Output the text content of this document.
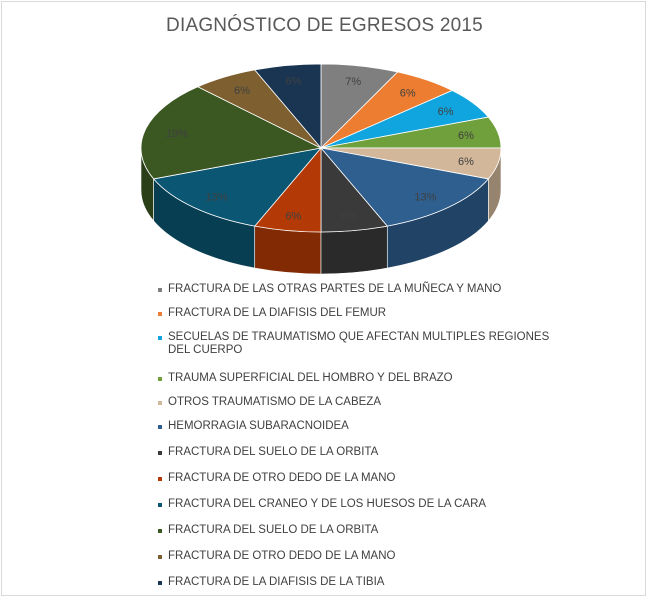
DIAGNÓSTICO DE EGRESOS 2015
7%
6%
6%
6%
6%
13%
6%
6%
13%
19%
6%
6%
FRACTURA DE LAS OTRAS PARTES DE LA MUÑECA Y MANO
FRACTURA DE LA DIAFISIS DEL FEMUR
SECUELAS DE TRAUMATISMO QUE AFECTAN MULTIPLES REGIONES DEL CUERPO
TRAUMA SUPERFICIAL DEL HOMBRO Y DEL BRAZO
OTROS TRAUMATISMO DE LA CABEZA
HEMORRAGIA SUBARACNOIDEA
FRACTURA DEL SUELO DE LA ORBITA
FRACTURA DE OTRO DEDO DE LA MANO
FRACTURA DEL CRANEO Y DE LOS HUESOS DE LA CARA
FRACTURA DEL SUELO DE LA ORBITA
FRACTURA DE OTRO DEDO DE LA MANO
FRACTURA DE LA DIAFISIS DE LA TIBIA
